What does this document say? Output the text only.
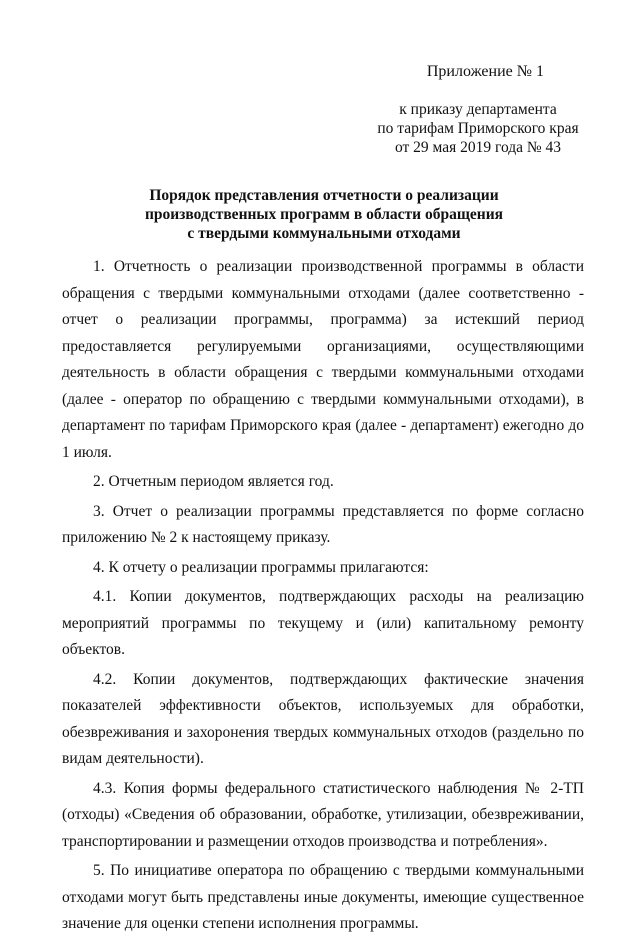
Приложение № 1
к приказу департамента
по тарифам Приморского края
от 29 мая 2019 года № 43
Порядок представления отчетности о реализации
производственных программ в области обращения
с твердыми коммунальными отходами

1. Отчетность о реализации производственной программы в области обращения с твердыми коммунальными отходами (далее соответственно - отчет о реализации программы, программа) за истекший период предоставляется регулируемыми организациями, осуществляющими деятельность в области обращения с твердыми коммунальными отходами (далее - оператор по обращению с твердыми коммунальными отходами), в департамент по тарифам Приморского края (далее - департамент) ежегодно до 1 июля.

2. Отчетным периодом является год.

3. Отчет о реализации программы представляется по форме согласно приложению № 2 к настоящему приказу.

4. К отчету о реализации программы прилагаются:

4.1. Копии документов, подтверждающих расходы на реализацию мероприятий программы по текущему и (или) капитальному ремонту объектов.

4.2. Копии документов, подтверждающих фактические значения показателей эффективности объектов, используемых для обработки, обезвреживания и захоронения твердых коммунальных отходов (раздельно по видам деятельности).

4.3. Копия формы федерального статистического наблюдения № 2-ТП (отходы) «Сведения об образовании, обработке, утилизации, обезвреживании, транспортировании и размещении отходов производства и потребления».

5. По инициативе оператора по обращению с твердыми коммунальными отходами могут быть представлены иные документы, имеющие существенное значение для оценки степени исполнения программы.
